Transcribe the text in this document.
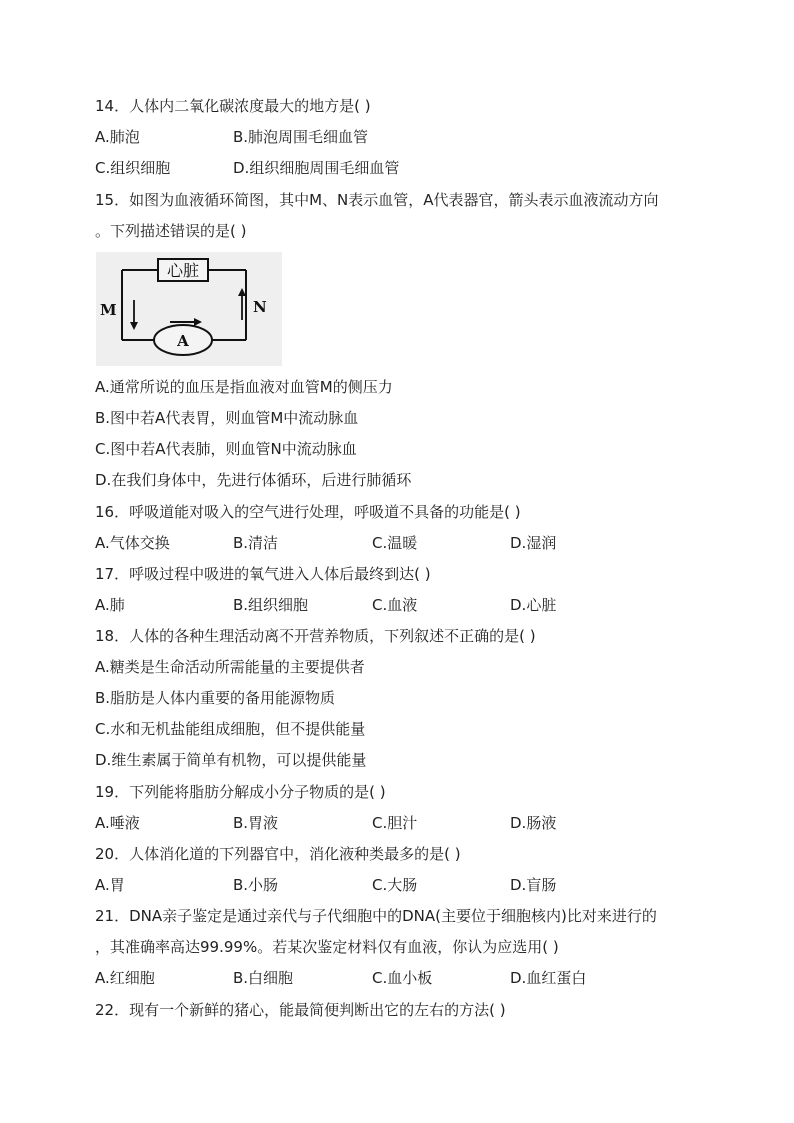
14．人体内二氧化碳浓度最大的地方是( )
A.肺泡	B.肺泡周围毛细血管
C.组织细胞	D.组织细胞周围毛细血管
15．如图为血液循环简图，其中M、N表示血管，A代表器官，箭头表示血液流动方向
。下列描述错误的是( )
心脏
A
M	N
A.通常所说的血压是指血液对血管M的侧压力
B.图中若A代表胃，则血管M中流动脉血
C.图中若A代表肺，则血管N中流动脉血
D.在我们身体中，先进行体循环，后进行肺循环
16．呼吸道能对吸入的空气进行处理，呼吸道不具备的功能是( )
A.气体交换	B.清洁	C.温暖	D.湿润
17．呼吸过程中吸进的氧气进入人体后最终到达( )
A.肺	B.组织细胞	C.血液	D.心脏
18．人体的各种生理活动离不开营养物质，下列叙述不正确的是( )
A.糖类是生命活动所需能量的主要提供者
B.脂肪是人体内重要的备用能源物质
C.水和无机盐能组成细胞，但不提供能量
D.维生素属于简单有机物，可以提供能量
19．下列能将脂肪分解成小分子物质的是( )
A.唾液	B.胃液	C.胆汁	D.肠液
20．人体消化道的下列器官中，消化液种类最多的是( )
A.胃	B.小肠	C.大肠	D.盲肠
21．DNA亲子鉴定是通过亲代与子代细胞中的DNA(主要位于细胞核内)比对来进行的
，其准确率高达99.99%。若某次鉴定材料仅有血液，你认为应选用( )
A.红细胞	B.白细胞	C.血小板	D.血红蛋白
22．现有一个新鲜的猪心，能最简便判断出它的左右的方法( )
